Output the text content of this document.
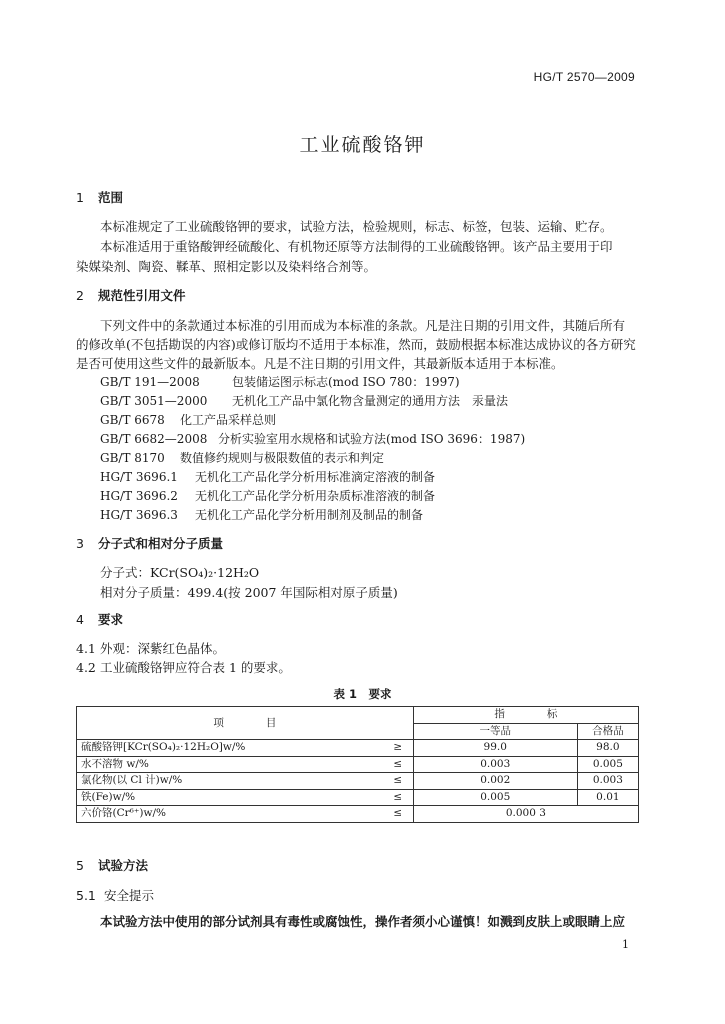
HG/T 2570—2009
工业硫酸铬钾
1 范围
本标准规定了工业硫酸铬钾的要求，试验方法，检验规则，标志、标签，包装、运输、贮存。
本标准适用于重铬酸钾经硫酸化、有机物还原等方法制得的工业硫酸铬钾。该产品主要用于印
染媒染剂、陶瓷、鞣革、照相定影以及染料络合剂等。
2 规范性引用文件
下列文件中的条款通过本标准的引用而成为本标准的条款。凡是注日期的引用文件，其随后所有
的修改单(不包括勘误的内容)或修订版均不适用于本标准，然而，鼓励根据本标准达成协议的各方研究
是否可使用这些文件的最新版本。凡是不注日期的引用文件，其最新版本适用于本标准。
GB/T 191—2008	包装储运图示标志(mod ISO 780：1997)
GB/T 3051—2000 无机化工产品中氯化物含量测定的通用方法　汞量法
GB/T 6678 化工产品采样总则
GB/T 6682—2008 分析实验室用水规格和试验方法(mod ISO 3696：1987)
GB/T 8170 数值修约规则与极限数值的表示和判定
HG/T 3696.1 无机化工产品化学分析用标准滴定溶液的制备
HG/T 3696.2 无机化工产品化学分析用杂质标准溶液的制备
HG/T 3696.3 无机化工产品化学分析用制剂及制品的制备
3 分子式和相对分子质量
分子式：KCr(SO₄)₂·12H₂O
相对分子质量：499.4(按 2007 年国际相对原子质量)
4 要求
4.1 外观：深紫红色晶体。
4.2 工业硫酸铬钾应符合表 1 的要求。
表 1　要求
项　　　　目		指　　　　标	
		一等品	合格品
硫酸铬钾[KCr(SO₄)₂·12H₂O]w/%	≥	99.0	98.0
水不溶物 w/%	≤	0.003	0.005
氯化物(以 Cl 计)w/%	≤	0.002	0.003
铁(Fe)w/%	≤	0.005	0.01
六价铬(Cr⁶⁺)w/%	≤	0.000 3	
5 试验方法
5.1 安全提示
本试验方法中使用的部分试剂具有毒性或腐蚀性，操作者须小心谨慎！如溅到皮肤上或眼睛上应
1
